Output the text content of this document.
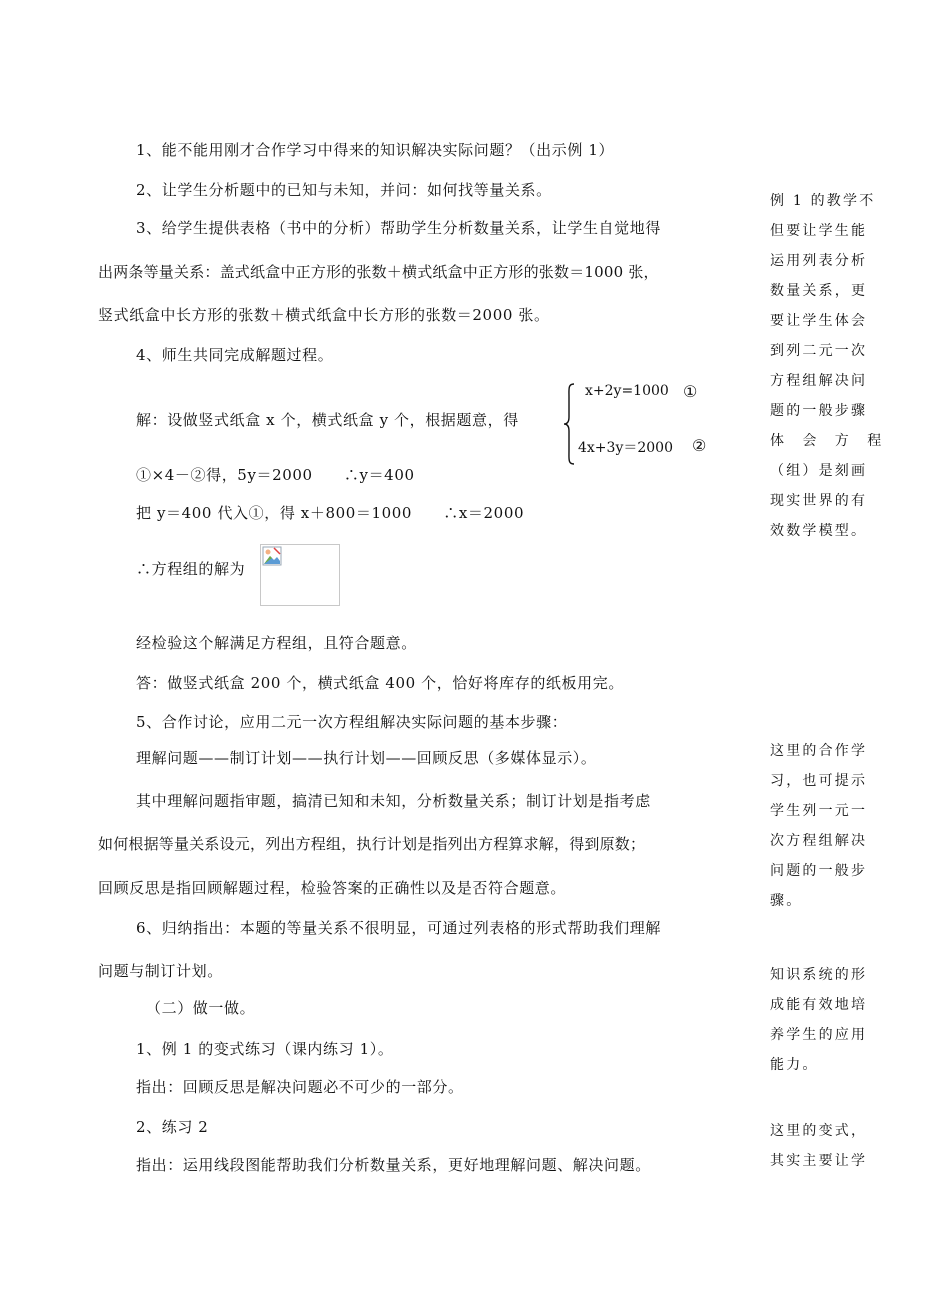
1、能不能用刚才合作学习中得来的知识解决实际问题？（出示例 1）
2、让学生分析题中的已知与未知，并问：如何找等量关系。
3、给学生提供表格（书中的分析）帮助学生分析数量关系，让学生自觉地得
出两条等量关系：盖式纸盒中正方形的张数＋横式纸盒中正方形的张数＝1000 张，
竖式纸盒中长方形的张数＋横式纸盒中长方形的张数＝2000 张。
4、师生共同完成解题过程。
解：设做竖式纸盒 x 个，横式纸盒 y 个，根据题意，得
x+2y=1000 ①
4x+3y＝2000 ②
①×4－②得，5y＝2000　　∴y＝400
把 y＝400 代入①，得 x＋800＝1000　　∴x＝2000
∴方程组的解为
经检验这个解满足方程组，且符合题意。
答：做竖式纸盒 200 个，横式纸盒 400 个，恰好将库存的纸板用完。
5、合作讨论，应用二元一次方程组解决实际问题的基本步骤：
理解问题——制订计划——执行计划——回顾反思（多媒体显示）。
其中理解问题指审题，搞清已知和未知，分析数量关系；制订计划是指考虑
如何根据等量关系设元，列出方程组，执行计划是指列出方程算求解，得到原数；
回顾反思是指回顾解题过程，检验答案的正确性以及是否符合题意。
6、归纳指出：本题的等量关系不很明显，可通过列表格的形式帮助我们理解
问题与制订计划。
（二）做一做。
1、例 1 的变式练习（课内练习 1）。
指出：回顾反思是解决问题必不可少的一部分。
2、练习 2
指出：运用线段图能帮助我们分析数量关系，更好地理解问题、解决问题。
例 1 的教学不
但要让学生能
运用列表分析
数量关系，更
要让学生体会
到列二元一次
方程组解决问
题的一般步骤
体　会　方　程
（组）是刻画
现实世界的有
效数学模型。
这里的合作学
习，也可提示
学生列一元一
次方程组解决
问题的一般步
骤。
知识系统的形
成能有效地培
养学生的应用
能力。
这里的变式，
其实主要让学
